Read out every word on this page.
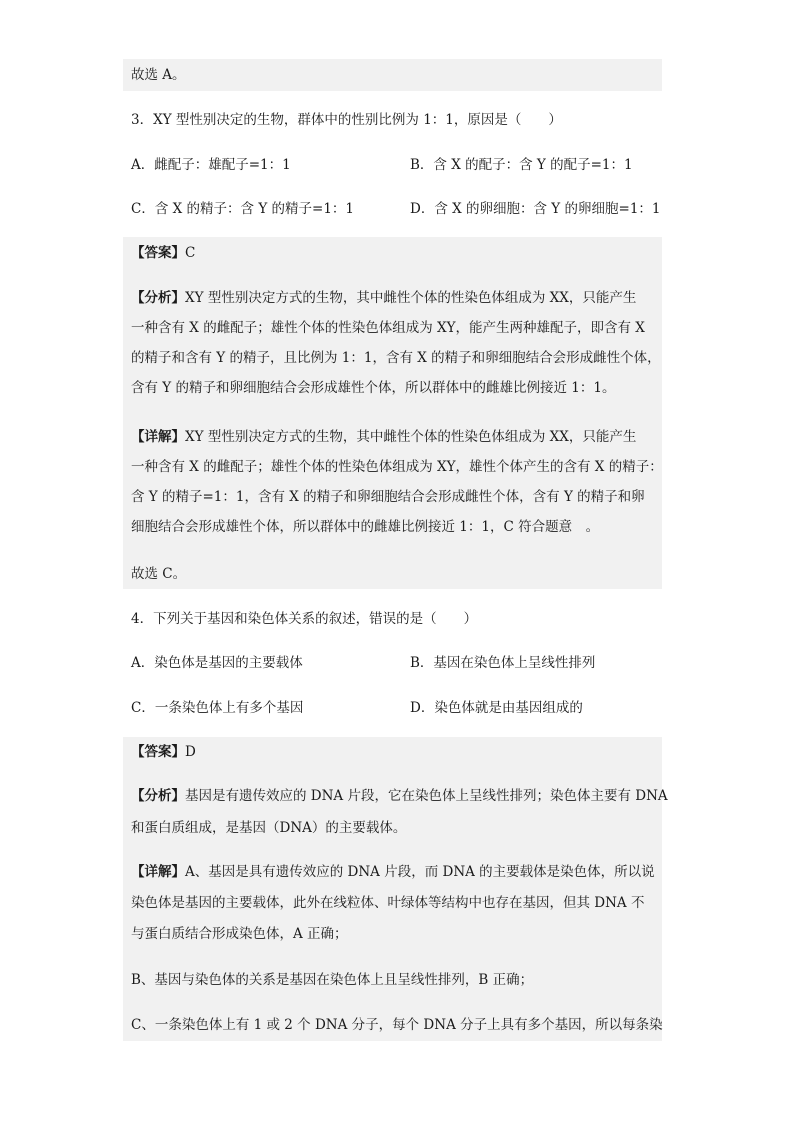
故选 A。
3．XY 型性别决定的生物，群体中的性别比例为 1：1，原因是（　　）
A．雌配子：雄配子=1：1	B．含 X 的配子：含 Y 的配子=1：1
C．含 X 的精子：含 Y 的精子=1：1	D．含 X 的卵细胞：含 Y 的卵细胞=1：1
【答案】C
【分析】XY 型性别决定方式的生物，其中雌性个体的性染色体组成为 XX，只能产生
一种含有 X 的雌配子；雄性个体的性染色体组成为 XY，能产生两种雄配子，即含有 X
的精子和含有 Y 的精子，且比例为 1：1，含有 X 的精子和卵细胞结合会形成雌性个体，
含有 Y 的精子和卵细胞结合会形成雄性个体，所以群体中的雌雄比例接近 1：1。
【详解】XY 型性别决定方式的生物，其中雌性个体的性染色体组成为 XX，只能产生
一种含有 X 的雌配子；雄性个体的性染色体组成为 XY，雄性个体产生的含有 X 的精子：
含 Y 的精子=1：1，含有 X 的精子和卵细胞结合会形成雌性个体，含有 Y 的精子和卵
细胞结合会形成雄性个体，所以群体中的雌雄比例接近 1：1，C 符合题意　。
故选 C。
4．下列关于基因和染色体关系的叙述，错误的是（　　）
A．染色体是基因的主要载体	B．基因在染色体上呈线性排列
C．一条染色体上有多个基因	D．染色体就是由基因组成的
【答案】D
【分析】基因是有遗传效应的 DNA 片段，它在染色体上呈线性排列；染色体主要有 DNA
和蛋白质组成，是基因（DNA）的主要载体。
【详解】A、基因是具有遗传效应的 DNA 片段，而 DNA 的主要载体是染色体，所以说
染色体是基因的主要载体，此外在线粒体、叶绿体等结构中也存在基因，但其 DNA 不
与蛋白质结合形成染色体，A 正确；
B、基因与染色体的关系是基因在染色体上且呈线性排列，B 正确；
C、一条染色体上有 1 或 2 个 DNA 分子，每个 DNA 分子上具有多个基因，所以每条染
